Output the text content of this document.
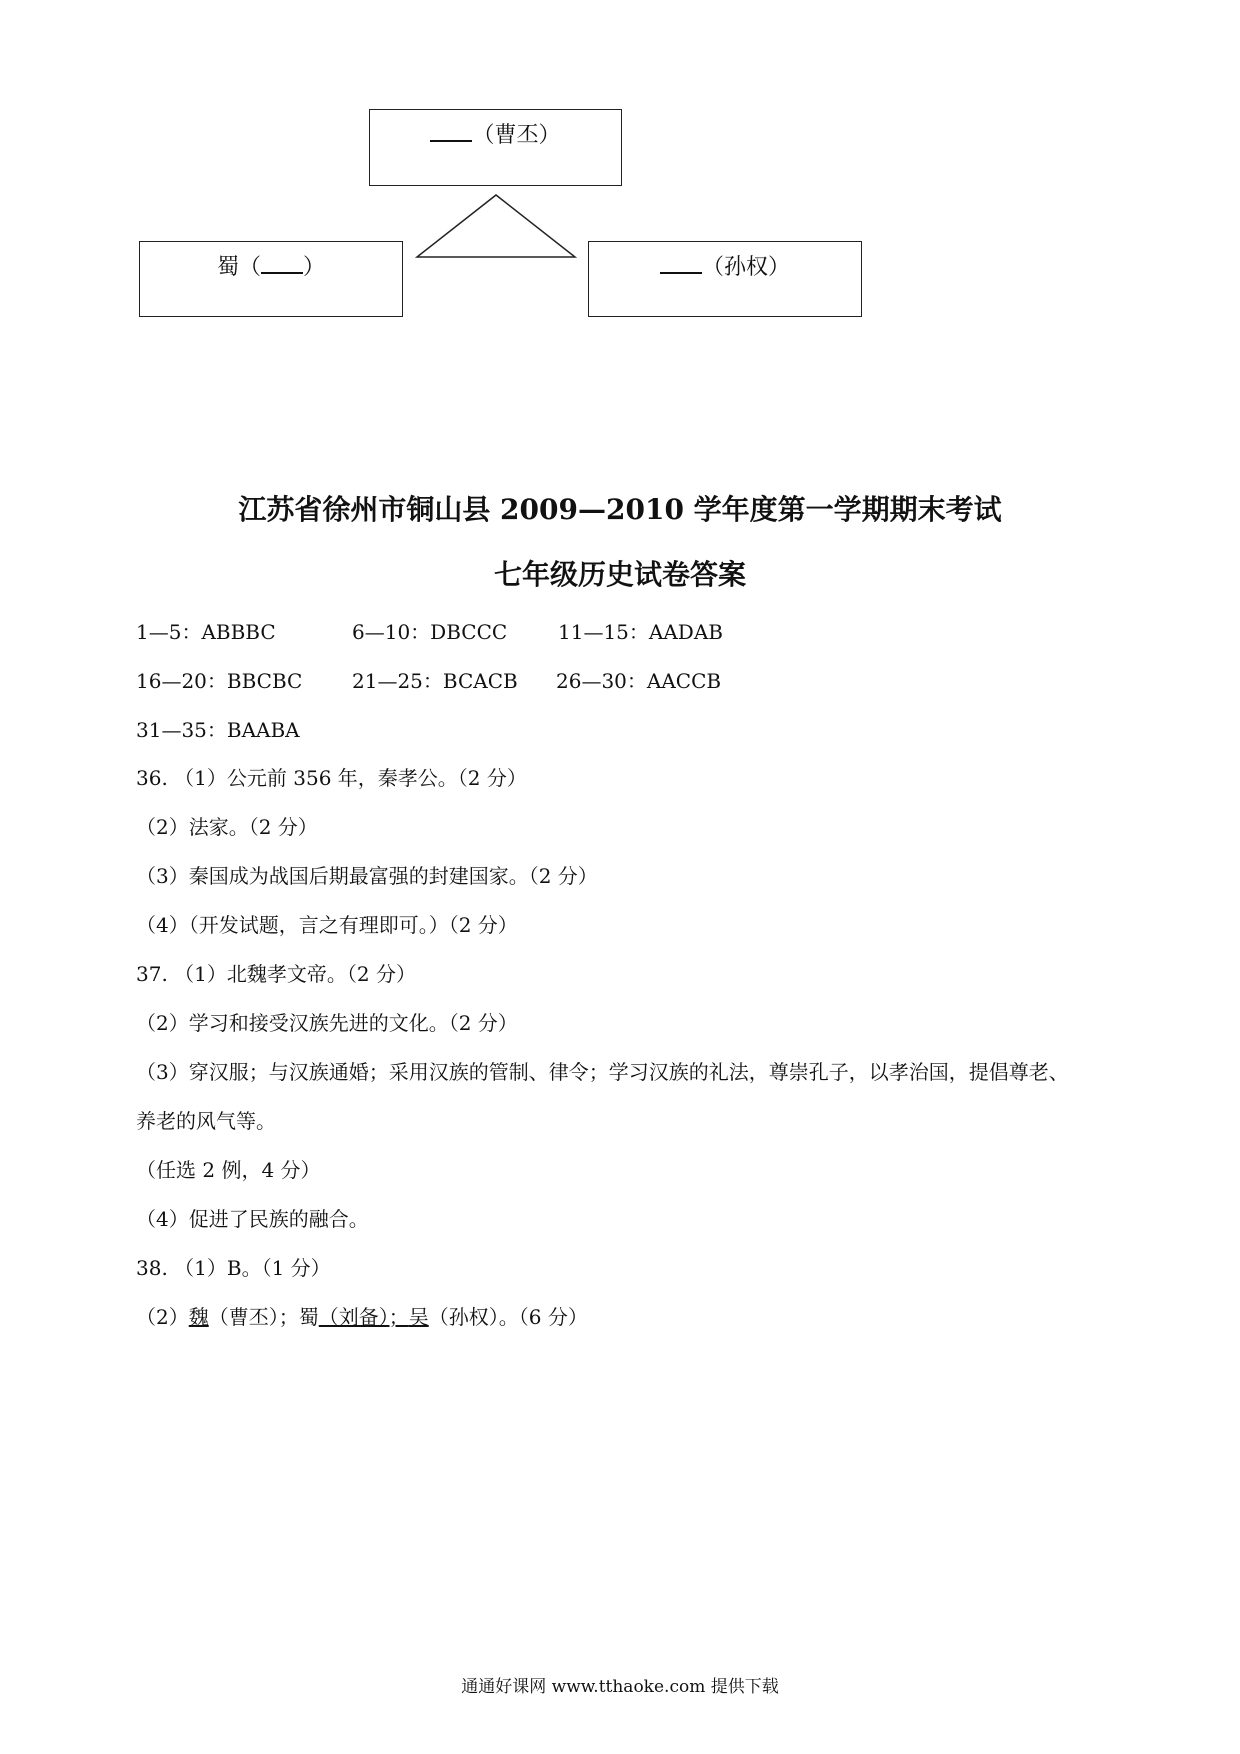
（曹丕）
蜀（ ）	（孙权）
江苏省徐州市铜山县 2009—2010 学年度第一学期期末考试
七年级历史试卷答案
1—5：ABBBC	6—10：DBCCC	11—15：AADAB
16—20：BBCBC 21—25：BCACB 26—30：AACCB
31—35：BAABA
36. （1）公元前 356 年，秦孝公。（2 分）
（2）法家。（2 分）
（3）秦国成为战国后期最富强的封建国家。（2 分）
（4）（开发试题，言之有理即可。）（2 分）
37. （1）北魏孝文帝。（2 分）
（2）学习和接受汉族先进的文化。（2 分）
（3）穿汉服；与汉族通婚；采用汉族的管制、律令；学习汉族的礼法，尊崇孔子，以孝治国，提倡尊老、
养老的风气等。
（任选 2 例，4 分）
（4）促进了民族的融合。
38. （1）B。（1 分）
（2）魏（曹丕）；蜀（刘备）；吴（孙权）。（6 分）
通通好课网 www.tthaoke.com 提供下载
